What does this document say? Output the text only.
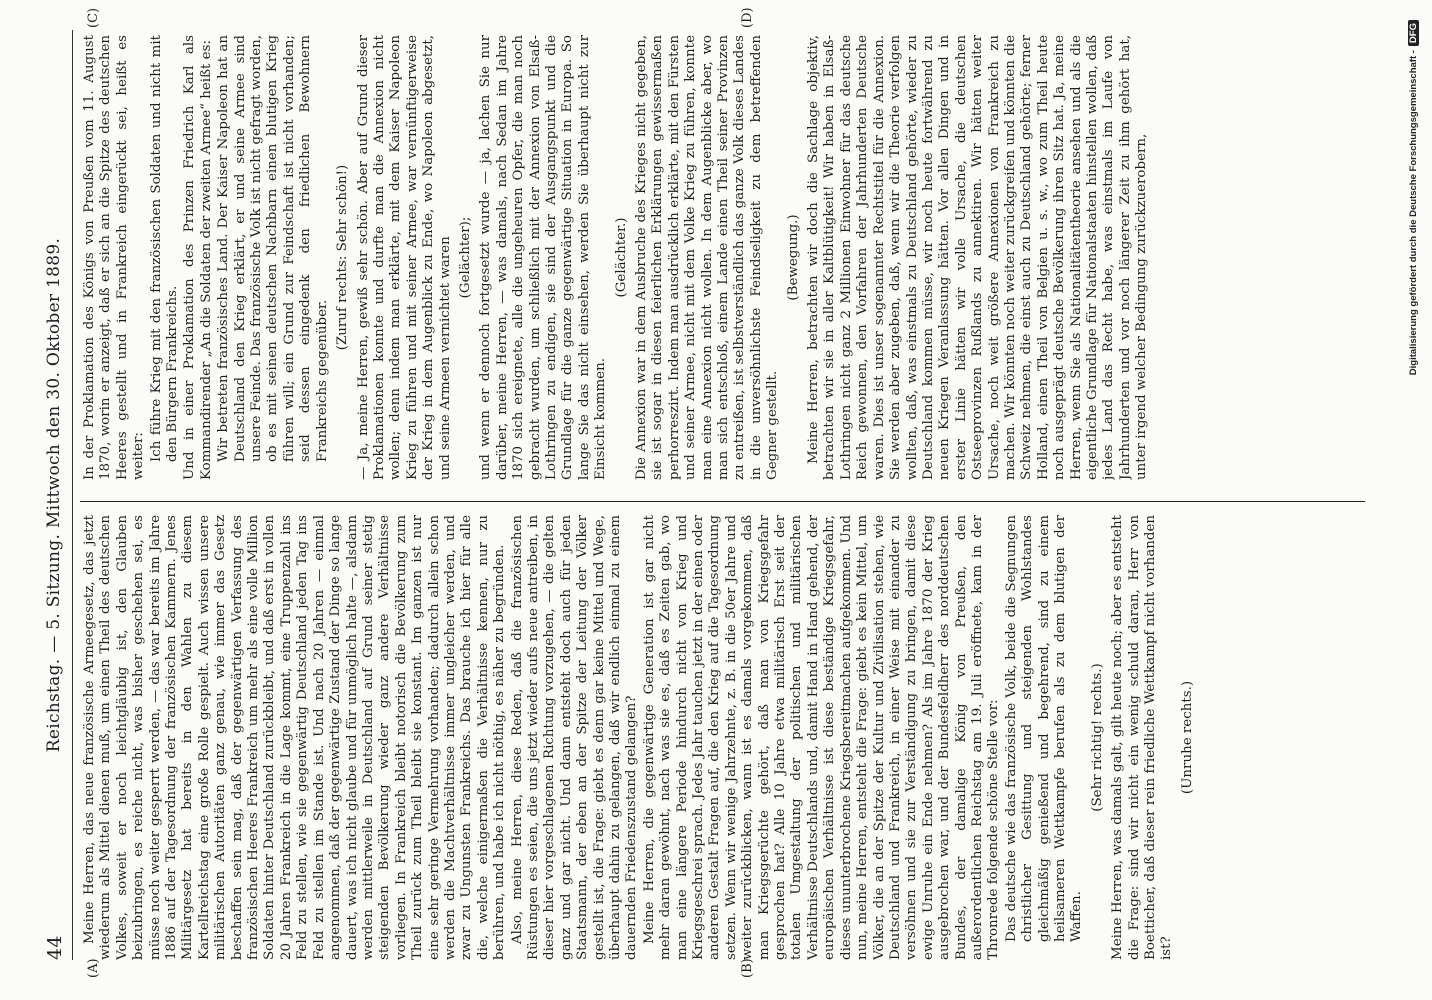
44
Reichstag. — 5. Sitzung. Mittwoch den 30. Oktober 1889.
(A)	(B)
(C)	(D)

Meine Herren, das neue französische Armeegesetz, das jetzt wiederum als Mittel dienen muß, um einen Theil des deutschen Volkes, soweit er noch leichtgläubig ist, den Glauben beizubringen, es reiche nicht, was bisher geschehen sei, es müsse noch weiter gesperrt werden, — das war bereits im Jahre 1886 auf der Tagesordnung der französischen Kammern. Jenes Militärgesetz hat bereits in den Wahlen zu diesem Kartellreichstag eine große Rolle gespielt. Auch wissen unsere militärischen Autoritäten ganz genau, wie immer das Gesetz beschaffen sein mag, daß der gegenwärtigen Verfassung des französischen Heeres Frankreich um mehr als eine volle Million Soldaten hinter Deutschland zurückbleibt, und daß erst in vollen 20 Jahren Frankreich in die Lage kommt, eine Truppenzahl ins Feld zu stellen, wie sie gegenwärtig Deutschland jeden Tag ins Feld zu stellen im Stande ist. Und nach 20 Jahren — einmal angenommen, daß der gegenwärtige Zustand der Dinge so lange dauert, was ich nicht glaube und für unmöglich halte —, alsdann werden mittlerweile in Deutschland auf Grund seiner stetig steigenden Bevölkerung wieder ganz andere Verhältnisse vorliegen. In Frankreich bleibt notorisch die Bevölkerung zum Theil zurück zum Theil bleibt sie konstant. Im ganzen ist nur eine sehr geringe Vermehrung vorhanden; dadurch allein schon werden die Machtverhältnisse immer ungleicher werden, und zwar zu Ungunsten Frankreichs. Das brauche ich hier für alle die, welche einigermaßen die Verhältnisse kennen, nur zu berühren, und habe ich nicht nöthig, es näher zu begründen. Also, meine Herren, diese Reden, daß die französischen Rüstungen es seien, die uns jetzt wieder aufs neue antreiben, in dieser hier vorgeschlagenen Richtung vorzugehen, — die gelten ganz und gar nicht. Und dann entsteht doch auch für jeden Staatsmann, der eben an der Spitze der Leitung der Völker gestellt ist, die Frage: giebt es denn gar keine Mittel und Wege, überhaupt dahin zu gelangen, daß wir endlich einmal zu einem dauernden Friedenszustand gelangen? Meine Herren, die gegenwärtige Generation ist gar nicht mehr daran gewöhnt, nach was sie es, daß es Zeiten gab, wo man eine längere Periode hindurch nicht von Krieg und Kriegsgeschrei sprach. Jedes Jahr tauchen jetzt in der einen oder anderen Gestalt Fragen auf, die den Krieg auf die Tagesordnung setzen. Wenn wir wenige Jahrzehnte, z. B. in die 50er Jahre und weiter zurückblicken, wann ist es damals vorgekommen, daß man Kriegsgerüchte gehört, daß man von Kriegsgefahr gesprochen hat? Alle 10 Jahre etwa militärisch Erst seit der totalen Umgestaltung der politischen und militärischen Verhältnisse Deutschlands und, damit Hand in Hand gehend, der europäischen Verhältnisse ist diese beständige Kriegsgefahr, dieses ununterbrochene Kriegsbereitmachen aufgekommen. Und nun, meine Herren, entsteht die Frage: giebt es kein Mittel, um Völker, die an der Spitze der Kultur und Zivilisation stehen, wie Deutschland und Frankreich, in einer Weise mit einander zu versöhnen und sie zur Verständigung zu bringen, damit diese ewige Unruhe ein Ende nehmen? Als im Jahre 1870 der Krieg ausgebrochen war, und der Bundesfeldherr des norddeutschen Bundes, der damalige König von Preußen, den außerordentlichen Reichstag am 19. Juli eröffnete, kam in der Thronrede folgende schöne Stelle vor: Das deutsche wie das französische Volk, beide die Segnungen christlicher Gesittung und steigenden Wohlstandes gleichmäßig genießend und begehrend, sind zu einem heilsameren Wettkampfe berufen als zu dem blutigen der Waffen.

(Sehr richtig! rechts.) Meine Herren, was damals galt, gilt heute noch; aber es entsteht die Frage: sind wir nicht ein wenig schuld daran, Herr von Boetticher, daß dieser rein friedliche Wettkampf nicht vorhanden ist?

(Unruhe rechts.)

In der Proklamation des Königs von Preußen vom 11. August 1870, worin er anzeigt, daß er sich an die Spitze des deutschen Heeres gestellt und in Frankreich eingerückt sei, heißt es weiter: Ich führe Krieg mit den französischen Soldaten und nicht mit den Bürgern Frankreichs. Und in einer Proklamation des Prinzen Friedrich Karl als Kommandirender „An die Soldaten der zweiten Armee“ heißt es: Wir betreten französisches Land. Der Kaiser Napoleon hat an Deutschland den Krieg erklärt, er und seine Armee sind unsere Feinde. Das französische Volk ist nicht gefragt worden, ob es mit seinen deutschen Nachbarn einen blutigen Krieg führen will; ein Grund zur Feindschaft ist nicht vorhanden; seid dessen eingedenk den friedlichen Bewohnern Frankreichs gegenüber.

(Zuruf rechts: Sehr schön!) — Ja, meine Herren, gewiß sehr schön. Aber auf Grund dieser Proklamationen konnte und durfte man die Annexion nicht wollen; denn indem man erklärte, mit dem Kaiser Napoleon Krieg zu führen und mit seiner Armee, war vernünftigerweise der Krieg in dem Augenblick zu Ende, wo Napoleon abgesetzt, und seine Armeen vernichtet waren (Gelächter); und wenn er dennoch fortgesetzt wurde — ja, lachen Sie nur darüber, meine Herren, — was damals, nach Sedan im Jahre 1870 sich ereignete, alle die ungeheuren Opfer, die man noch gebracht wurden, um schließlich mit der Annexion von Elsaß-Lothringen zu endigen, sie sind der Ausgangspunkt und die Grundlage für die ganze gegenwärtige Situation in Europa. So lange Sie das nicht einsehen, werden Sie überhaupt nicht zur Einsicht kommen.

(Gelächter.) Die Annexion war in dem Ausbruche des Krieges nicht gegeben, sie ist sogar in diesen feierlichen Erklärungen gewissermaßen perhorreszirt. Indem man ausdrücklich erklärte, mit den Fürsten und seiner Armee, nicht mit dem Volke Krieg zu führen, konnte man eine Annexion nicht wollen. In dem Augenblicke aber, wo man sich entschloß, einem Lande einen Theil seiner Provinzen zu entreißen, ist selbstverständlich das ganze Volk dieses Landes in die unversöhnlichste Feindseligkeit zu dem betreffenden Gegner gestellt.

(Bewegung.) Meine Herren, betrachten wir doch die Sachlage objektiv, betrachten wir sie in aller Kaltblütigkeit! Wir haben in Elsaß-Lothringen nicht ganz 2 Millionen Einwohner für das deutsche Reich gewonnen, den Vorfahren der Jahrhunderten Deutsche waren. Dies ist unser sogenannter Rechtstitel für die Annexion. Sie werden aber zugeben, daß, wenn wir die Theorie verfolgen wollten, daß, was einstmals zu Deutschland gehörte, wieder zu Deutschland kommen müsse, wir noch heute fortwährend zu neuen Kriegen Veranlassung hätten. Vor allen Dingen und in erster Linie hätten wir volle Ursache, die deutschen Ostseeprovinzen Rußlands zu annektiren. Wir hätten weiter Ursache, noch weit größere Annexionen von Frankreich zu machen. Wir könnten noch weiter zurückgreifen und könnten die Schweiz nehmen, die einst auch zu Deutschland gehörte; ferner Holland, einen Theil von Belgien u. s. w., wo zum Theil heute noch ausgeprägt deutsche Bevölkerung ihren Sitz hat. Ja, meine Herren, wenn Sie als Nationalitätentheorie ansehen und als die eigentliche Grundlage für Nationalstaaten hinstellen wollen, daß jedes Land das Recht habe, was einstmals im Laufe von Jahrhunderten und vor noch längerer Zeit zu ihm gehört hat, unter irgend welcher Bedingung zurückzuerobern,	Digitalisierung gefördert durch die Deutsche Forschungsgemeinschaft -DFG
